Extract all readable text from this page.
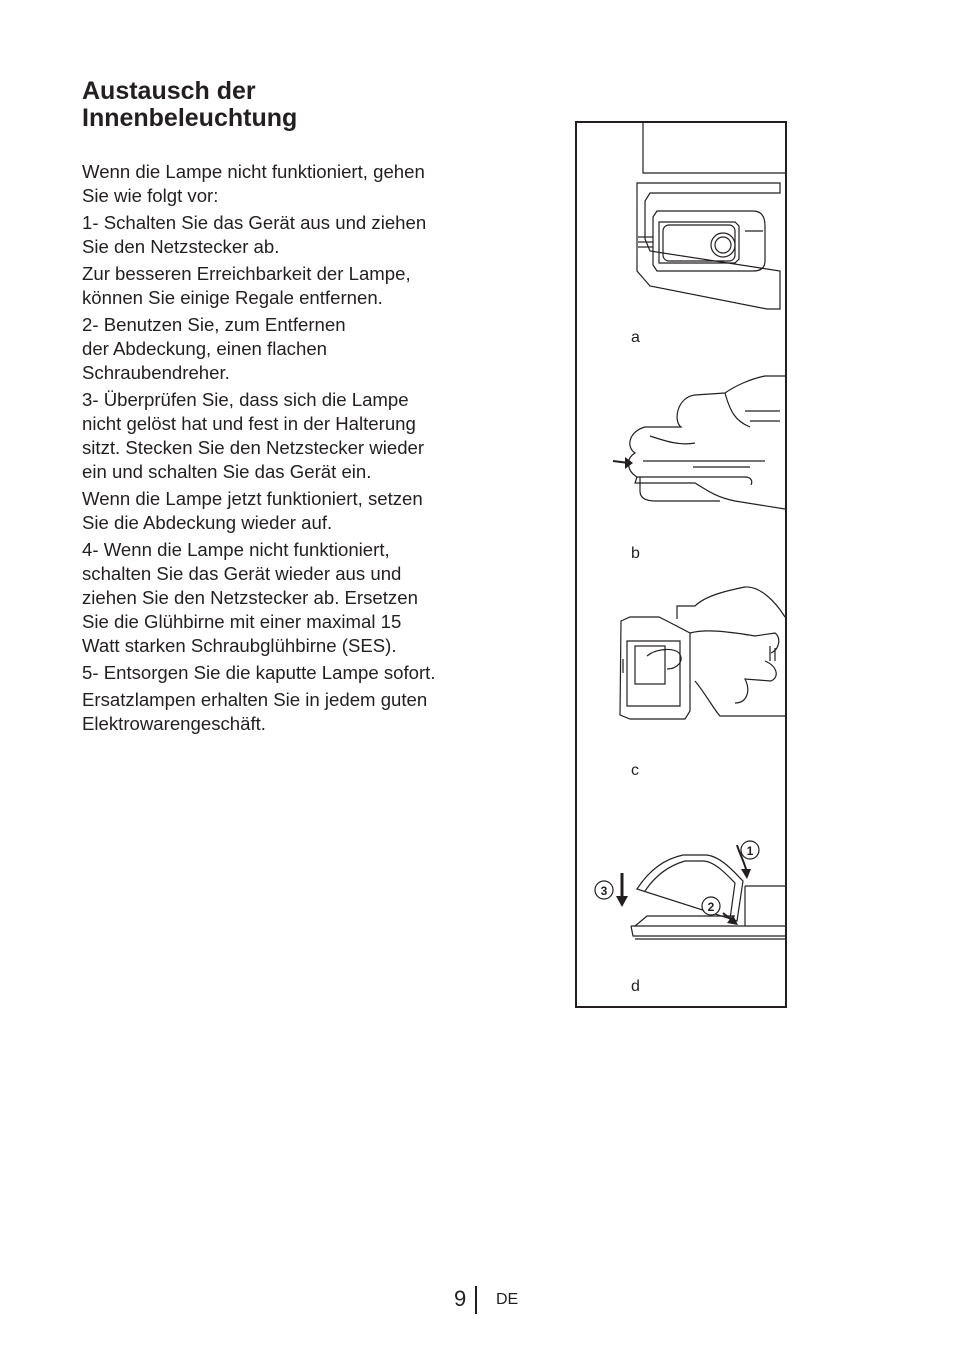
Austausch der
Innenbeleuchtung

Wenn die Lampe nicht funktioniert, gehen
Sie wie folgt vor:

1- Schalten Sie das Gerät aus und ziehen
Sie den Netzstecker ab.

Zur besseren Erreichbarkeit der Lampe,
können Sie einige Regale entfernen.

2- Benutzen Sie, zum Entfernen
der Abdeckung, einen flachen
Schraubendreher.

3- Überprüfen Sie, dass sich die Lampe
nicht gelöst hat und fest in der Halterung
sitzt. Stecken Sie den Netzstecker wieder
ein und schalten Sie das Gerät ein.

Wenn die Lampe jetzt funktioniert, setzen
Sie die Abdeckung wieder auf.

4- Wenn die Lampe nicht funktioniert,
schalten Sie das Gerät wieder aus und
ziehen Sie den Netzstecker ab. Ersetzen
Sie die Glühbirne mit einer maximal 15
Watt starken Schraubglühbirne (SES).

5- Entsorgen Sie die kaputte Lampe sofort.

Ersatzlampen erhalten Sie in jedem guten
Elektrowarengeschäft.

a
b
c
1
2
3
d
9 DE
